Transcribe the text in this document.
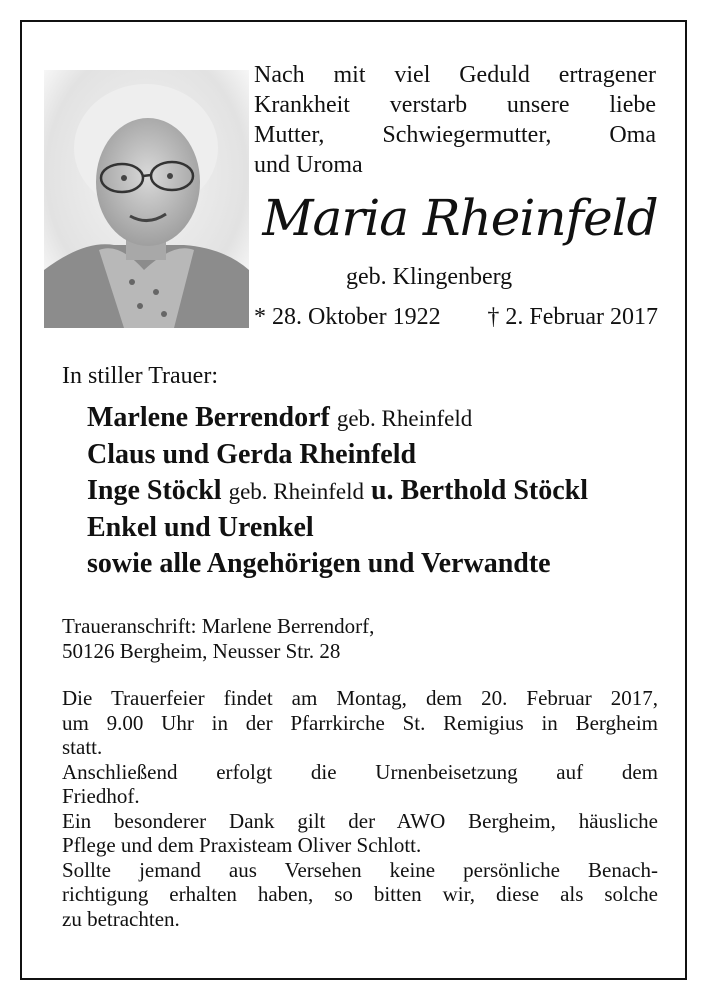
Nach mit viel Geduld ertragener
Krankheit verstarb unsere liebe
Mutter, Schwiegermutter, Oma
und Uroma
Maria Rheinfeld
geb. Klingenberg
* 28. Oktober 1922 † 2. Februar 2017
In stiller Trauer:
Marlene Berrendorf geb. Rheinfeld
Claus und Gerda Rheinfeld
Inge Stöckl geb. Rheinfeld u. Berthold Stöckl
Enkel und Urenkel
sowie alle Angehörigen und Verwandte
Traueranschrift: Marlene Berrendorf,
50126 Bergheim, Neusser Str. 28
Die Trauerfeier findet am Montag, dem 20. Februar 2017,
um 9.00 Uhr in der Pfarrkirche St. Remigius in Bergheim
statt.
Anschließend erfolgt die Urnenbeisetzung auf dem
Friedhof.
Ein besonderer Dank gilt der AWO Bergheim, häusliche
Pflege und dem Praxisteam Oliver Schlott.
Sollte jemand aus Versehen keine persönliche Benach-
richtigung erhalten haben, so bitten wir, diese als solche
zu betrachten.
